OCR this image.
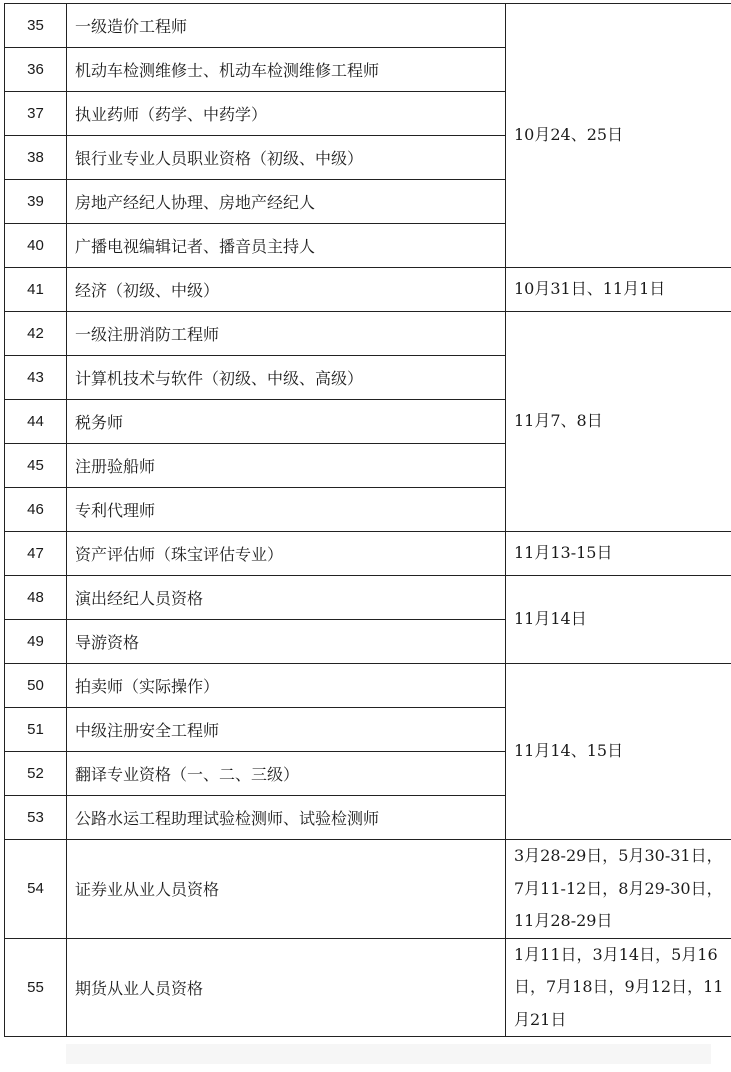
35	一级造价工程师	10月24、25日
36	机动车检测维修士、机动车检测维修工程师	
37	执业药师（药学、中药学）	
38	银行业专业人员职业资格（初级、中级）	
39	房地产经纪人协理、房地产经纪人	
40	广播电视编辑记者、播音员主持人	
41	经济（初级、中级）	10月31日、11月1日
42	一级注册消防工程师	11月7、8日
43	计算机技术与软件（初级、中级、高级）	
44	税务师	
45	注册验船师	
46	专利代理师	
47	资产评估师（珠宝评估专业）	11月13-15日
48	演出经纪人员资格	11月14日
49	导游资格	
50	拍卖师（实际操作）	11月14、15日
51	中级注册安全工程师	
52	翻译专业资格（一、二、三级）	
53	公路水运工程助理试验检测师、试验检测师	
54	证券业从业人员资格	3月28-29日，5月30-31日，7月11-12日，8月29-30日，11月28-29日
55	期货从业人员资格	1月11日，3月14日，5月16日，7月18日，9月12日，11月21日
